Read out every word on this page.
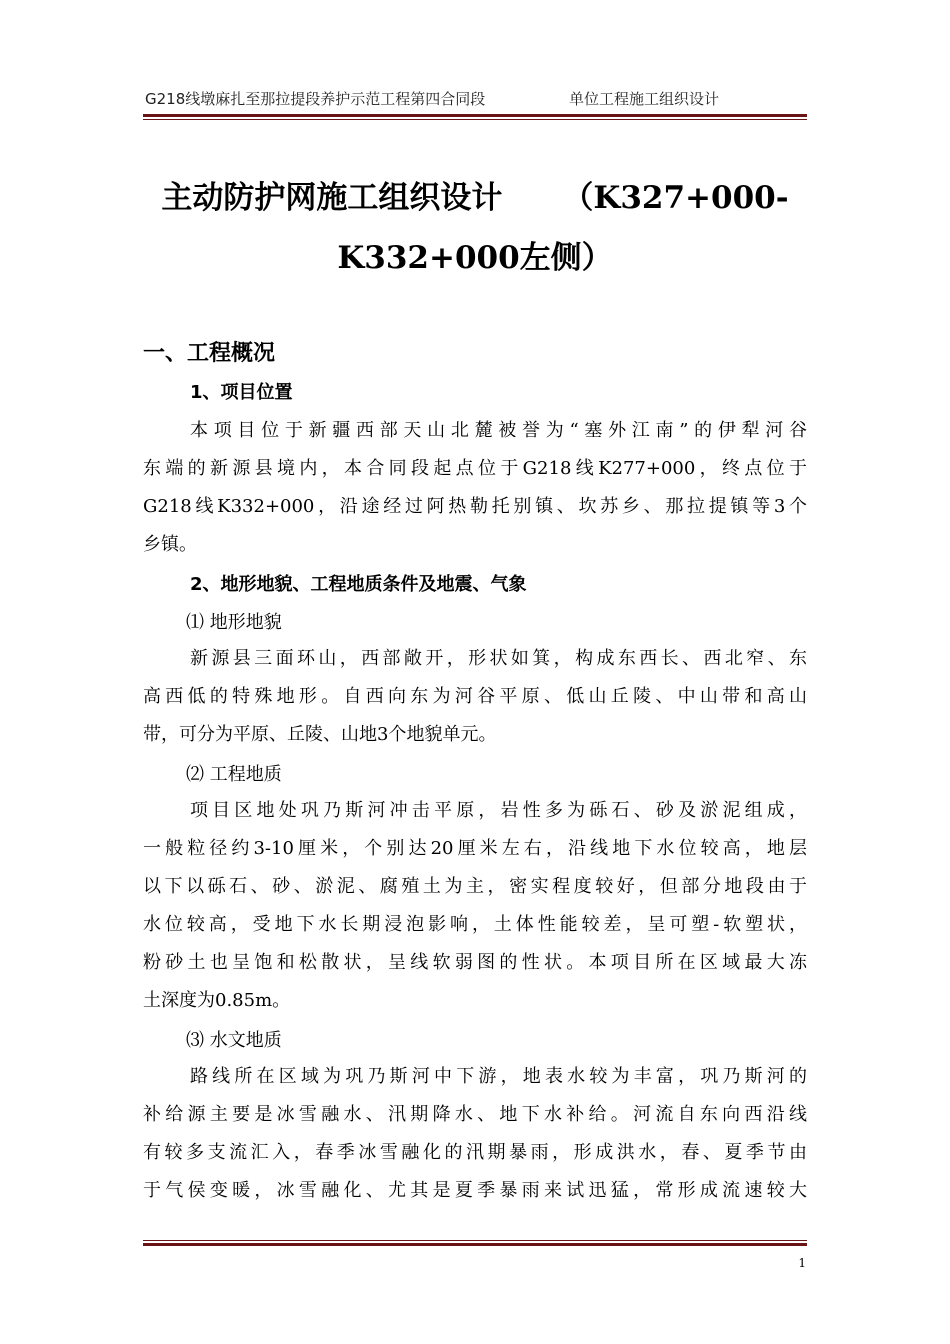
G218线墩麻扎至那拉提段养护示范工程第四合同段	单位工程施工组织设计
主动防护网施工组织设计 （K327+000-
K332+000左侧）
一、工程概况
1、项目位置
本项目位于新疆西部天山北麓被誉为“塞外江南”的伊犁河谷
东端的新源县境内，本合同段起点位于G218线K277+000，终点位于
G218线K332+000，沿途经过阿热勒托别镇、坎苏乡、那拉提镇等3个
乡镇。
2、地形地貌、工程地质条件及地震、气象
⑴ 地形地貌
新源县三面环山，西部敞开，形状如箕，构成东西长、西北窄、东
高西低的特殊地形。自西向东为河谷平原、低山丘陵、中山带和高山
带，可分为平原、丘陵、山地3个地貌单元。
⑵ 工程地质
项目区地处巩乃斯河冲击平原，岩性多为砾石、砂及淤泥组成，
一般粒径约3-10厘米，个别达20厘米左右，沿线地下水位较高，地层
以下以砾石、砂、淤泥、腐殖土为主，密实程度较好，但部分地段由于
水位较高，受地下水长期浸泡影响，土体性能较差，呈可塑-软塑状，
粉砂土也呈饱和松散状，呈线软弱图的性状。本项目所在区域最大冻
土深度为0.85m。
⑶ 水文地质
路线所在区域为巩乃斯河中下游，地表水较为丰富，巩乃斯河的
补给源主要是冰雪融水、汛期降水、地下水补给。河流自东向西沿线
有较多支流汇入，春季冰雪融化的汛期暴雨，形成洪水，春、夏季节由
于气侯变暖，冰雪融化、尤其是夏季暴雨来试迅猛，常形成流速较大
1
